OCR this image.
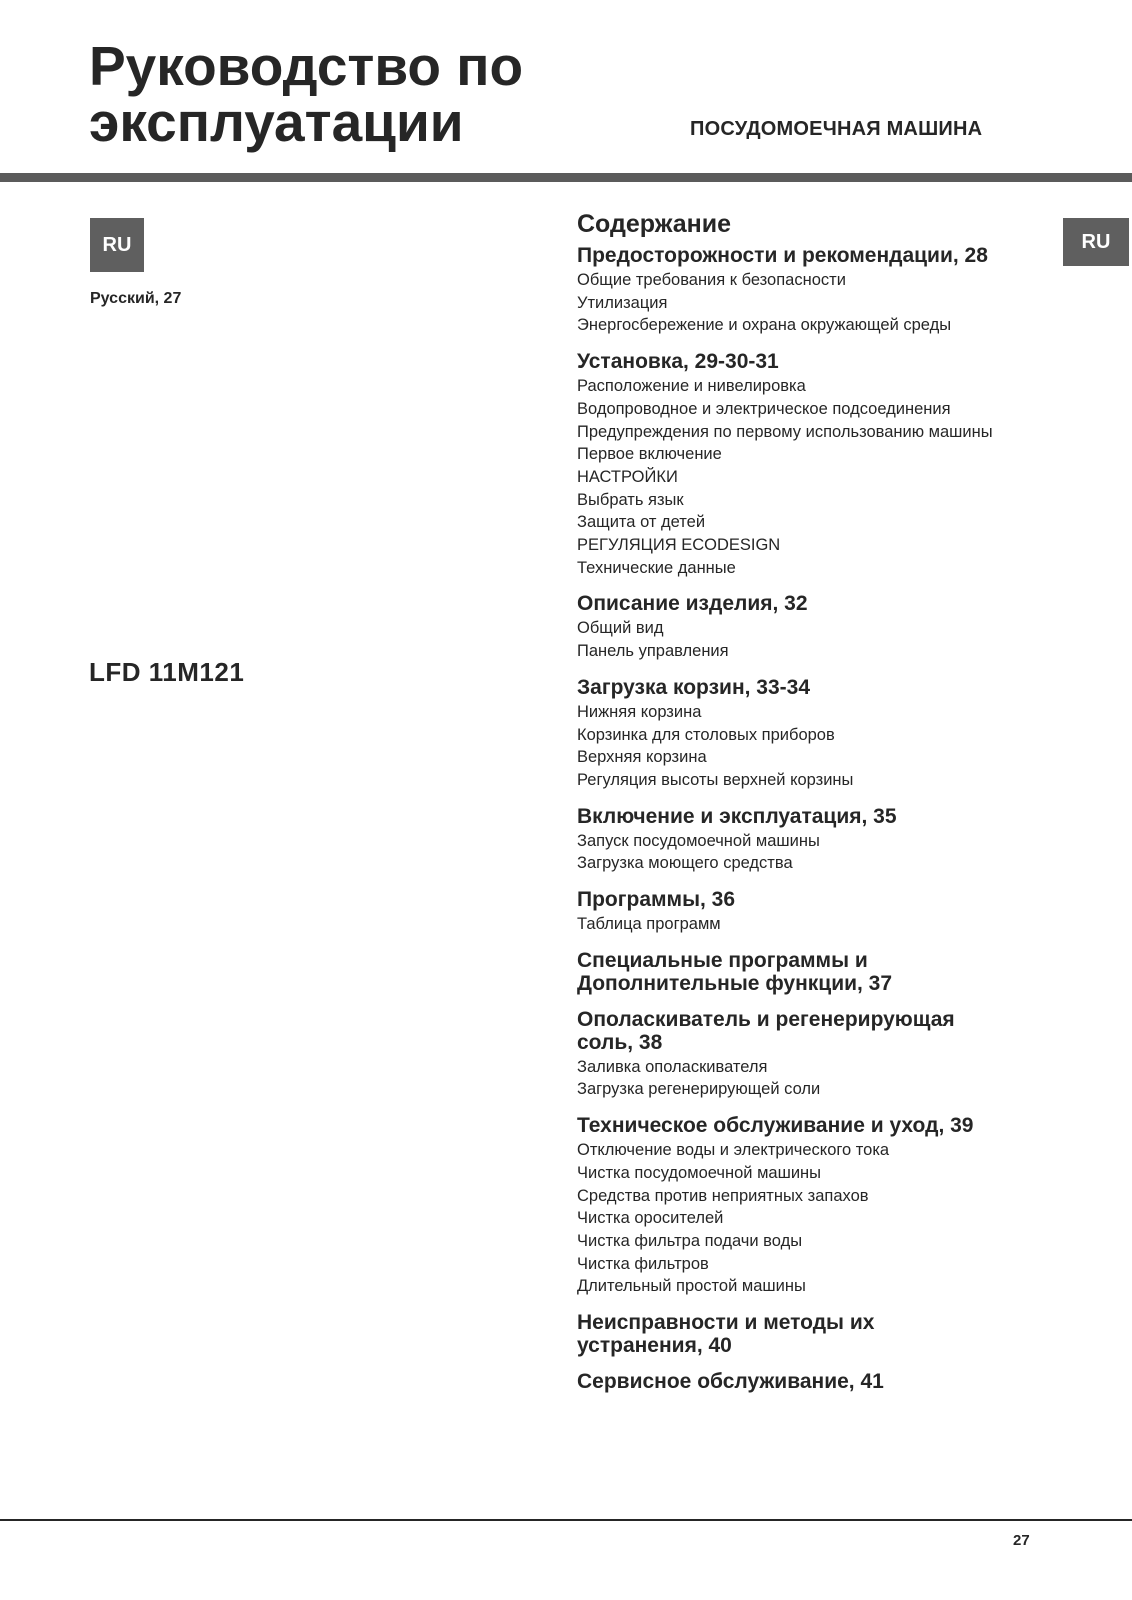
Руководство по
эксплуатации	ПОСУДОМОЕЧНАЯ МАШИНА
RU
Русский, 27
LFD 11M121
RU
Содержание
Предосторожности и рекомендации, 28
Общие требования к безопасности
Утилизация
Энергосбережение и охрана окружающей среды
Установка, 29-30-31
Расположение и нивелировка
Водопроводное и электрическое подсоединения
Предупреждения по первому использованию машины
Первое включение
НАСТРОЙКИ
Выбрать язык
Защита от детей
РЕГУЛЯЦИЯ ECODESIGN
Технические данные
Описание изделия, 32
Общий вид
Панель управления
Загрузка корзин, 33-34
Нижняя корзина
Корзинка для столовых приборов
Верхняя корзина
Регуляция высоты верхней корзины
Включение и эксплуатация, 35
Запуск посудомоечной машины
Загрузка моющего средства
Программы, 36
Таблица программ
Специальные программы и
Дополнительные функции, 37
Ополаскиватель и регенерирующая
соль, 38
Заливка ополаскивателя
Загрузка регенерирующей соли
Техническое обслуживание и уход, 39
Отключение воды и электрического тока
Чистка посудомоечной машины
Средства против неприятных запахов
Чистка оросителей
Чистка фильтра подачи воды
Чистка фильтров
Длительный простой машины
Неисправности и методы их
устранения, 40
Сервисное обслуживание, 41
27
